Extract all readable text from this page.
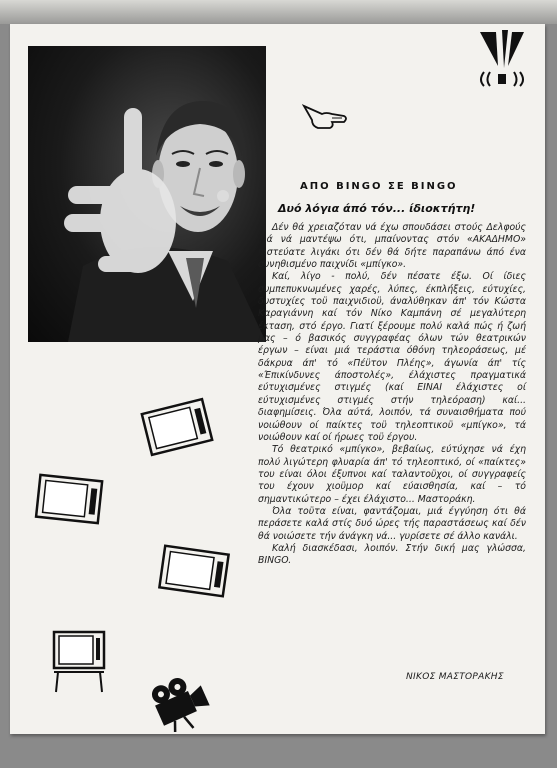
ΑΠΟ BINGO ΣΕ BINGO
Δυό λόγια άπό τόν... ίδιοκτήτη!

Δέν θά χρειαζόταν νά έχω σπουδάσει στούς Δελφούς γιά νά μαντέψω ότι, μπαίνοντας στόν «ΑΚΑΔΗΜΟ» πιστεύατε λιγάκι ότι δέν θά δήτε παραπάνω άπό ένα συνηθισμένο παιχνίδι «μπίγκο».

Καί, λίγο - πολύ, δέν πέσατε έξω. Οί ίδιες συμπεπυκνωμένες χαρές, λύπες, έκπλήξεις, εύτυχίες, δυστυχίες τοϋ παιχνιδιοϋ, άναλύθηκαν άπ' τόν Κώστα Καραγιάννη καί τόν Νίκο Καμπάνη σέ μεγαλύτερη έκταση, στό έργο. Γιατί ξέρουμε πολύ καλά πώς ή ζωή μας – ό βασικός συγγραφέας όλων τών θεατρικών έργων – είναι μιά τεράστια όθόνη τηλεοράσεως, μέ δάκρυα άπ' τό «Πέϋτον Πλέης», άγωνία άπ' τίς «Έπικίνδυνες άποστολές», έλάχιστες πραγματικά εύτυχισμένες στιγμές (καί ΕΙΝΑΙ έλάχιστες οί εύτυχισμένες στιγμές στήν τηλεόραση) καί... διαφημίσεις. Όλα αύτά, λοιπόν, τά συναισθήματα πού νοιώθουν οί παίκτες τοϋ τηλεοπτικοϋ «μπίγκο», τά νοιώθουν καί οί ήρωες τοϋ έργου.

Τό θεατρικό «μπίγκο», βεβαίως, εύτύχησε νά έχη πολύ λιγώτερη φλυαρία άπ' τό τηλεοπτικό, οί «παίκτες» του είναι όλοι έξυπνοι καί ταλαντοϋχοι, οί συγγραφείς του έχουν χιοϋμορ καί εύαισθησία, καί – τό σημαντικώτερο – έχει έλάχιστο... Μαστοράκη.

Όλα τοϋτα είναι, φαντάζομαι, μιά έγγύηση ότι θά περάσετε καλά στίς δυό ώρες τής παραστάσεως καί δέν θά νοιώσετε τήν άνάγκη νά... γυρίσετε σέ άλλο κανάλι.

Καλή διασκέδασι, λοιπόν. Στήν δική μας γλώσσα, BINGO.

ΝΙΚΟΣ ΜΑΣΤΟΡΑΚΗΣ
